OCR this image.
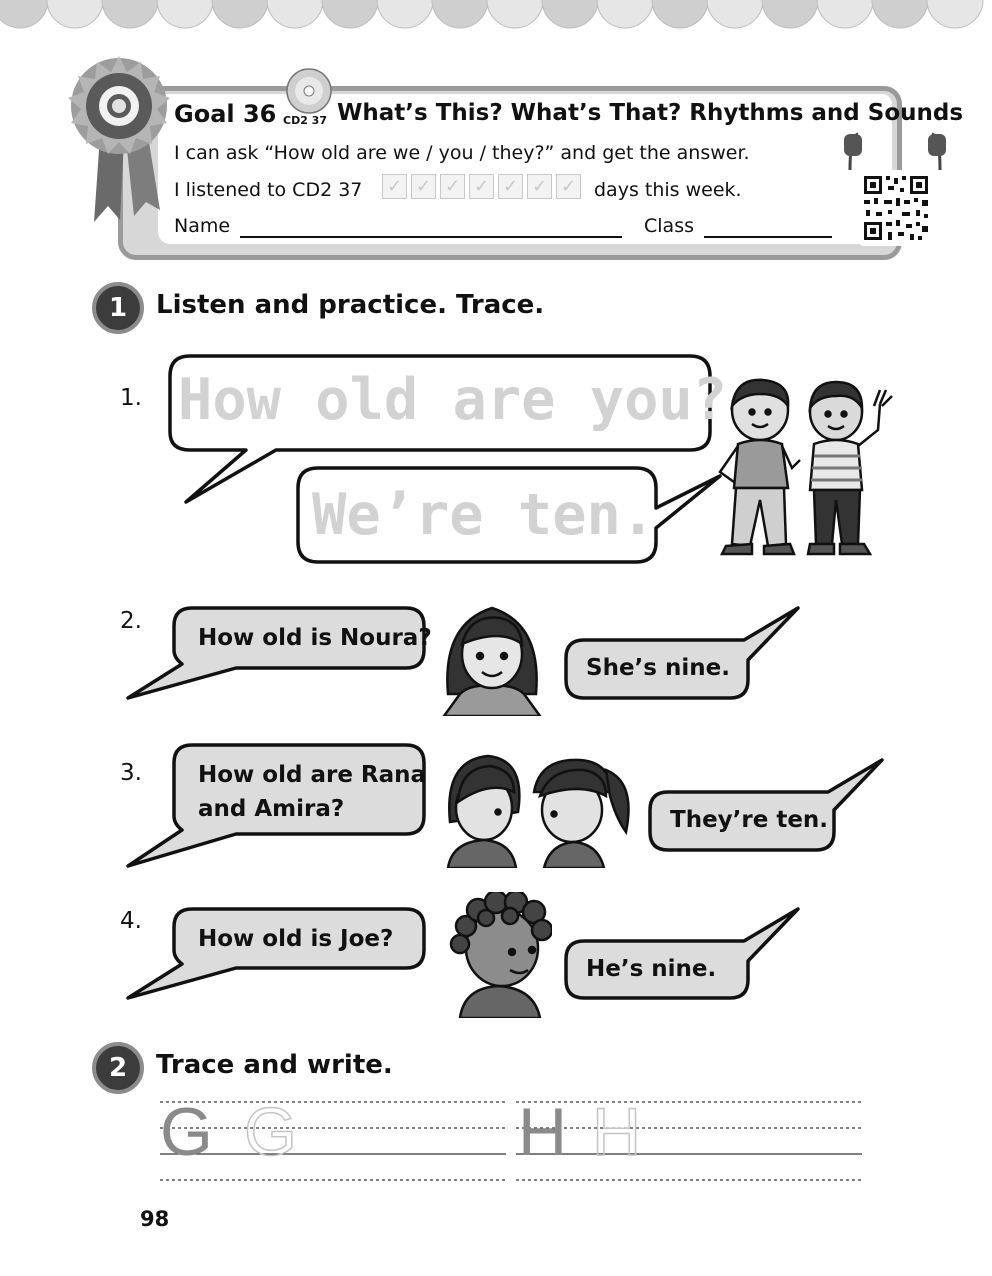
Goal 36 CD2 37 What’s This? What’s That? Rhythms and Sounds
I can ask “How old are we / you / they?” and get the answer.
I listened to CD2 37 ✓ ✓ ✓ ✓ ✓ ✓ ✓ days this week.
Name	Class
1	Listen and practice. Trace.
1.
2.
3.
4.
How old are you?
We’re ten.
How old is Noura?
She’s nine.
How old are Rana
and Amira?	They’re ten.
How old is Joe?
He’s nine.
2	Trace and write.
G G	H H
98
